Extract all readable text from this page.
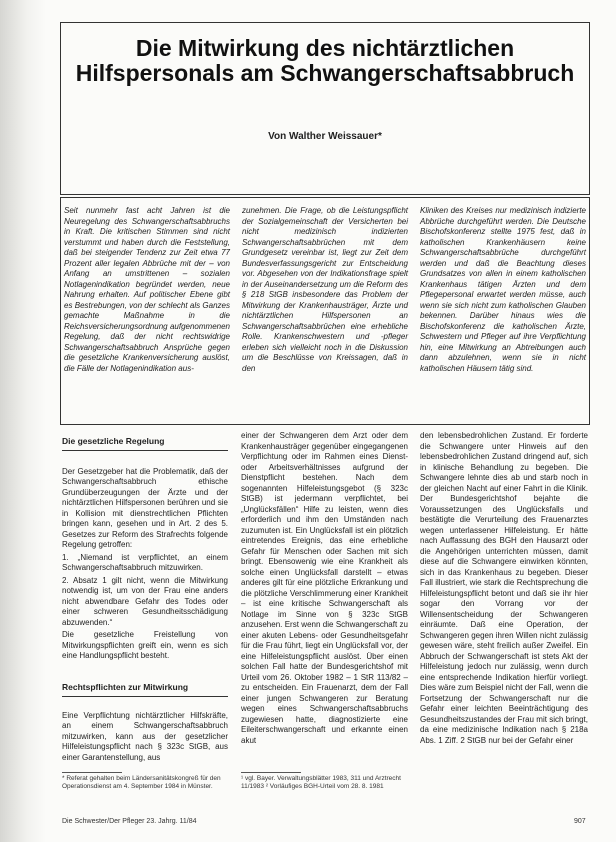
Die Mitwirkung des nichtärztlichen Hilfspersonals am Schwangerschaftsabbruch
Von Walther Weissauer*
Seit nunmehr fast acht Jahren ist die Neuregelung des Schwangerschaftsabbruchs in Kraft. Die kritischen Stimmen sind nicht verstummt und haben durch die Feststellung, daß bei steigender Tendenz zur Zeit etwa 77 Prozent aller legalen Abbrüche mit der – von Anfang an umstrittenen – sozialen Notlagenindikation begründet werden, neue Nahrung erhalten. Auf politischer Ebene gibt es Bestrebungen, von der schlecht als Ganzes gemachte Maßnahme in die Reichsversicherungsordnung aufgenommenen Regelung, daß der nicht rechtswidrige Schwangerschaftsabbruch Ansprüche gegen die gesetzliche Krankenversicherung auslöst, die Fälle der Notlagenindikation aus-
zunehmen. Die Frage, ob die Leistungspflicht der Sozialgemeinschaft der Versicherten bei nicht medizinisch indizierten Schwangerschaftsabbrüchen mit dem Grundgesetz vereinbar ist, liegt zur Zeit dem Bundesverfassungsgericht zur Entscheidung vor. Abgesehen von der Indikationsfrage spielt in der Auseinandersetzung um die Reform des § 218 StGB insbesondere das Problem der Mitwirkung der Krankenhausträger, Ärzte und nichtärztlichen Hilfspersonen an Schwangerschaftsabbrüchen eine erhebliche Rolle. Krankenschwestern und -pfleger erleben sich vielleicht noch in die Diskussion um die Beschlüsse von Kreissagen, daß in den
Kliniken des Kreises nur medizinisch indizierte Abbrüche durchgeführt werden. Die Deutsche Bischofskonferenz stellte 1975 fest, daß in katholischen Krankenhäusern keine Schwangerschaftsabbrüche durchgeführt werden und daß die Beachtung dieses Grundsatzes von allen in einem katholischen Krankenhaus tätigen Ärzten und dem Pflegepersonal erwartet werden müsse, auch wenn sie sich nicht zum katholischen Glauben bekennen. Darüber hinaus wies die Bischofskonferenz die katholischen Ärzte, Schwestern und Pfleger auf ihre Verpflichtung hin, eine Mitwirkung an Abtreibungen auch dann abzulehnen, wenn sie in nicht katholischen Häusern tätig sind.

Die gesetzliche Regelung

Der Gesetzgeber hat die Problematik, daß der Schwangerschaftsabbruch ethische Grundüberzeugungen der Ärzte und der nichtärztlichen Hilfspersonen berühren und sie in Kollision mit dienstrechtlichen Pflichten bringen kann, gesehen und in Art. 2 des 5. Gesetzes zur Reform des Strafrechts folgende Regelung getroffen:

1. „Niemand ist verpflichtet, an einem Schwangerschaftsabbruch mitzuwirken.

2. Absatz 1 gilt nicht, wenn die Mitwirkung notwendig ist, um von der Frau eine anders nicht abwendbare Gefahr des Todes oder einer schweren Gesundheitsschädigung abzuwenden.“

Die gesetzliche Freistellung von Mitwirkungspflichten greift ein, wenn es sich eine Handlungspflicht besteht.

Rechtspflichten zur Mitwirkung

Eine Verpflichtung nichtärztlicher Hilfskräfte, an einem Schwangerschaftsabbruch mitzuwirken, kann aus der gesetzlicher Hilfeleistungspflicht nach § 323c StGB, aus einer Garantenstellung, aus

* Referat gehalten beim Ländersanitätskongreß für den Operationsdienst am 4. September 1984 in Münster.

einer der Schwangeren dem Arzt oder dem Krankenhausträger gegenüber eingegangenen Verpflichtung oder im Rahmen eines Dienst- oder Arbeitsverhältnisses aufgrund der Dienstpflicht bestehen. Nach dem sogenannten Hilfeleistungsgebot (§ 323c StGB) ist jedermann verpflichtet, bei „Unglücksfällen“ Hilfe zu leisten, wenn dies erforderlich und ihm den Umständen nach zuzumuten ist. Ein Unglücksfall ist ein plötzlich eintretendes Ereignis, das eine erhebliche Gefahr für Menschen oder Sachen mit sich bringt. Ebensowenig wie eine Krankheit als solche einen Unglücksfall darstellt – etwas anderes gilt für eine plötzliche Erkrankung und die plötzliche Verschlimmerung einer Krankheit – ist eine kritische Schwangerschaft als Notlage im Sinne von § 323c StGB anzusehen. Erst wenn die Schwangerschaft zu einer akuten Lebens- oder Gesundheitsgefahr für die Frau führt, liegt ein Unglücksfall vor, der eine Hilfeleistungspflicht auslöst. Über einen solchen Fall hatte der Bundesgerichtshof mit Urteil vom 26. Oktober 1982 – 1 StR 113/82 – zu entscheiden. Ein Frauenarzt, dem der Fall einer jungen Schwangeren zur Beratung wegen eines Schwangerschaftsabbruchs zugewiesen hatte, diagnostizierte eine Eileiterschwangerschaft und erkannte einen akut

¹ vgl. Bayer. Verwaltungsblätter 1983, 311 und Arztrecht 11/1983 ² Vorläufiges BGH-Urteil vom 28. 8. 1981

den lebensbedrohlichen Zustand. Er forderte die Schwangere unter Hinweis auf den lebensbedrohlichen Zustand dringend auf, sich in klinische Behandlung zu begeben. Die Schwangere lehnte dies ab und starb noch in der gleichen Nacht auf einer Fahrt in die Klinik. Der Bundesgerichtshof bejahte die Voraussetzungen des Unglücksfalls und bestätigte die Verurteilung des Frauenarztes wegen unterlassener Hilfeleistung. Er hätte nach Auffassung des BGH den Hausarzt oder die Angehörigen unterrichten müssen, damit diese auf die Schwangere einwirken könnten, sich in das Krankenhaus zu begeben. Dieser Fall illustriert, wie stark die Rechtsprechung die Hilfeleistungspflicht betont und daß sie ihr hier sogar den Vorrang vor der Willensentscheidung der Schwangeren einräumte. Daß eine Operation, der Schwangeren gegen ihren Willen nicht zulässig gewesen wäre, steht freilich außer Zweifel. Ein Abbruch der Schwangerschaft ist stets Akt der Hilfeleistung jedoch nur zulässig, wenn durch eine entsprechende Indikation hierfür vorliegt. Dies wäre zum Beispiel nicht der Fall, wenn die Fortsetzung der Schwangerschaft nur die Gefahr einer leichten Beeinträchtigung des Gesundheitszustandes der Frau mit sich bringt, da eine medizinische Indikation nach § 218a Abs. 1 Ziff. 2 StGB nur bei der Gefahr einer

Die Schwester/Der Pfleger 23. Jahrg. 11/84	907
